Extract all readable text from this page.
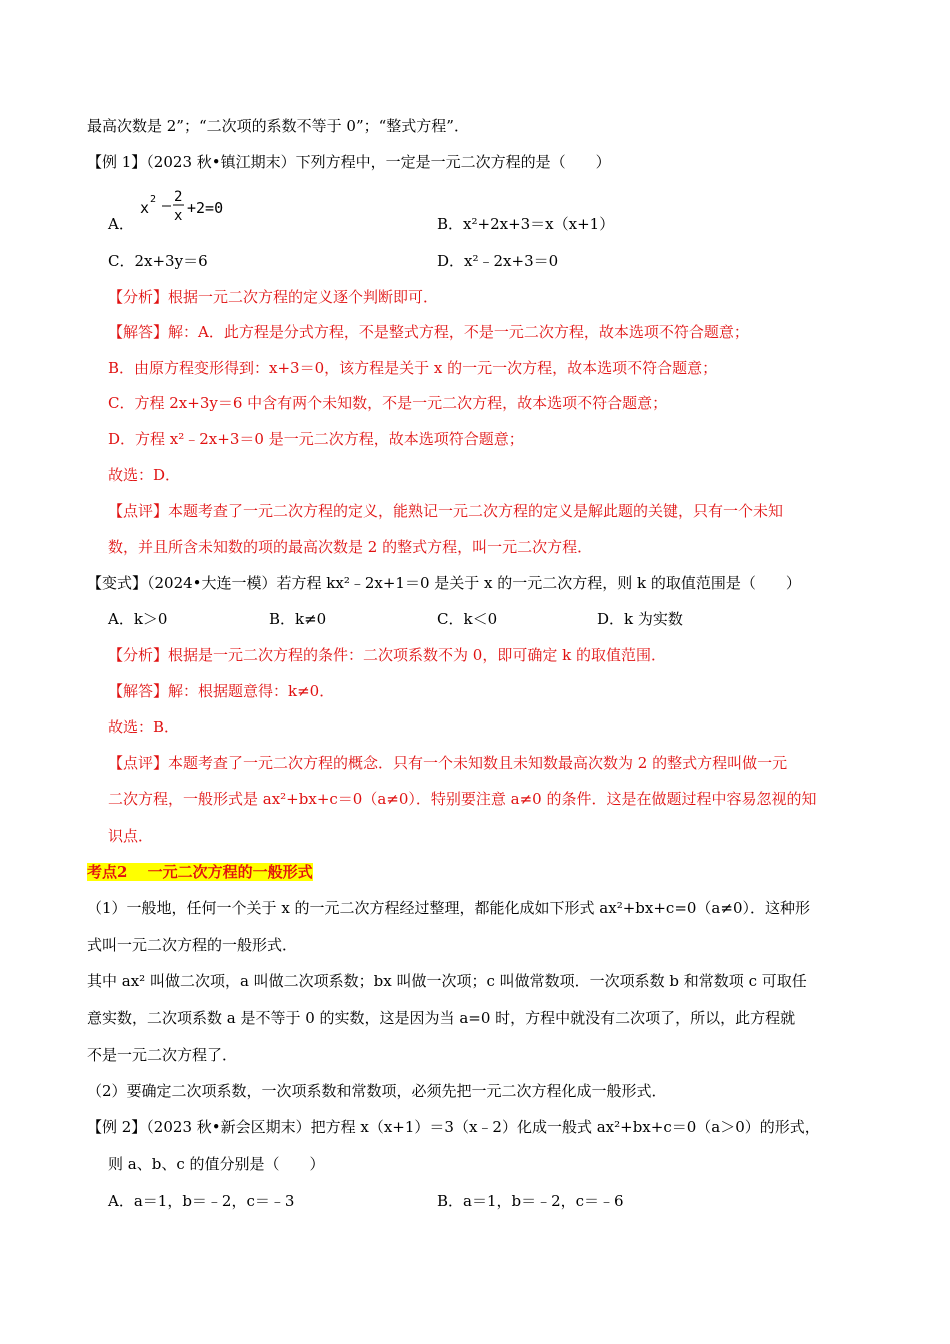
最高次数是 2”；“二次项的系数不等于 0”；“整式方程”．
【例 1】（2023 秋•镇江期末）下列方程中，一定是一元二次方程的是（　　）
A．
x 2 2
x +2=0
B．x²+2x+3＝x（x+1）
C．2x+3y＝6	D．x²﹣2x+3＝0
【分析】根据一元二次方程的定义逐个判断即可．
【解答】解：A．此方程是分式方程，不是整式方程，不是一元二次方程，故本选项不符合题意；
B．由原方程变形得到：x+3＝0，该方程是关于 x 的一元一次方程，故本选项不符合题意；
C．方程 2x+3y＝6 中含有两个未知数，不是一元二次方程，故本选项不符合题意；
D．方程 x²﹣2x+3＝0 是一元二次方程，故本选项符合题意；
故选：D．
【点评】本题考查了一元二次方程的定义，能熟记一元二次方程的定义是解此题的关键，只有一个未知
数，并且所含未知数的项的最高次数是 2 的整式方程，叫一元二次方程．
【变式】（2024•大连一模）若方程 kx²﹣2x+1＝0 是关于 x 的一元二次方程，则 k 的取值范围是（　　）
A．k＞0	B．k≠0	C．k＜0	D．k 为实数
【分析】根据是一元二次方程的条件：二次项系数不为 0，即可确定 k 的取值范围．
【解答】解：根据题意得：k≠0．
故选：B．
【点评】本题考查了一元二次方程的概念．只有一个未知数且未知数最高次数为 2 的整式方程叫做一元
二次方程，一般形式是 ax²+bx+c＝0（a≠0）．特别要注意 a≠0 的条件．这是在做题过程中容易忽视的知
识点．
考点2　 一元二次方程的一般形式
（1）一般地，任何一个关于 x 的一元二次方程经过整理，都能化成如下形式 ax²+bx+c=0（a≠0）．这种形
式叫一元二次方程的一般形式．
其中 ax² 叫做二次项，a 叫做二次项系数；bx 叫做一次项；c 叫做常数项．一次项系数 b 和常数项 c 可取任
意实数，二次项系数 a 是不等于 0 的实数，这是因为当 a=0 时，方程中就没有二次项了，所以，此方程就
不是一元二次方程了．
（2）要确定二次项系数，一次项系数和常数项，必须先把一元二次方程化成一般形式．
【例 2】（2023 秋•新会区期末）把方程 x（x+1）＝3（x﹣2）化成一般式 ax²+bx+c＝0（a＞0）的形式，
则 a、b、c 的值分别是（　　）
A．a＝1，b＝﹣2，c＝﹣3	B．a＝1，b＝﹣2，c＝﹣6
